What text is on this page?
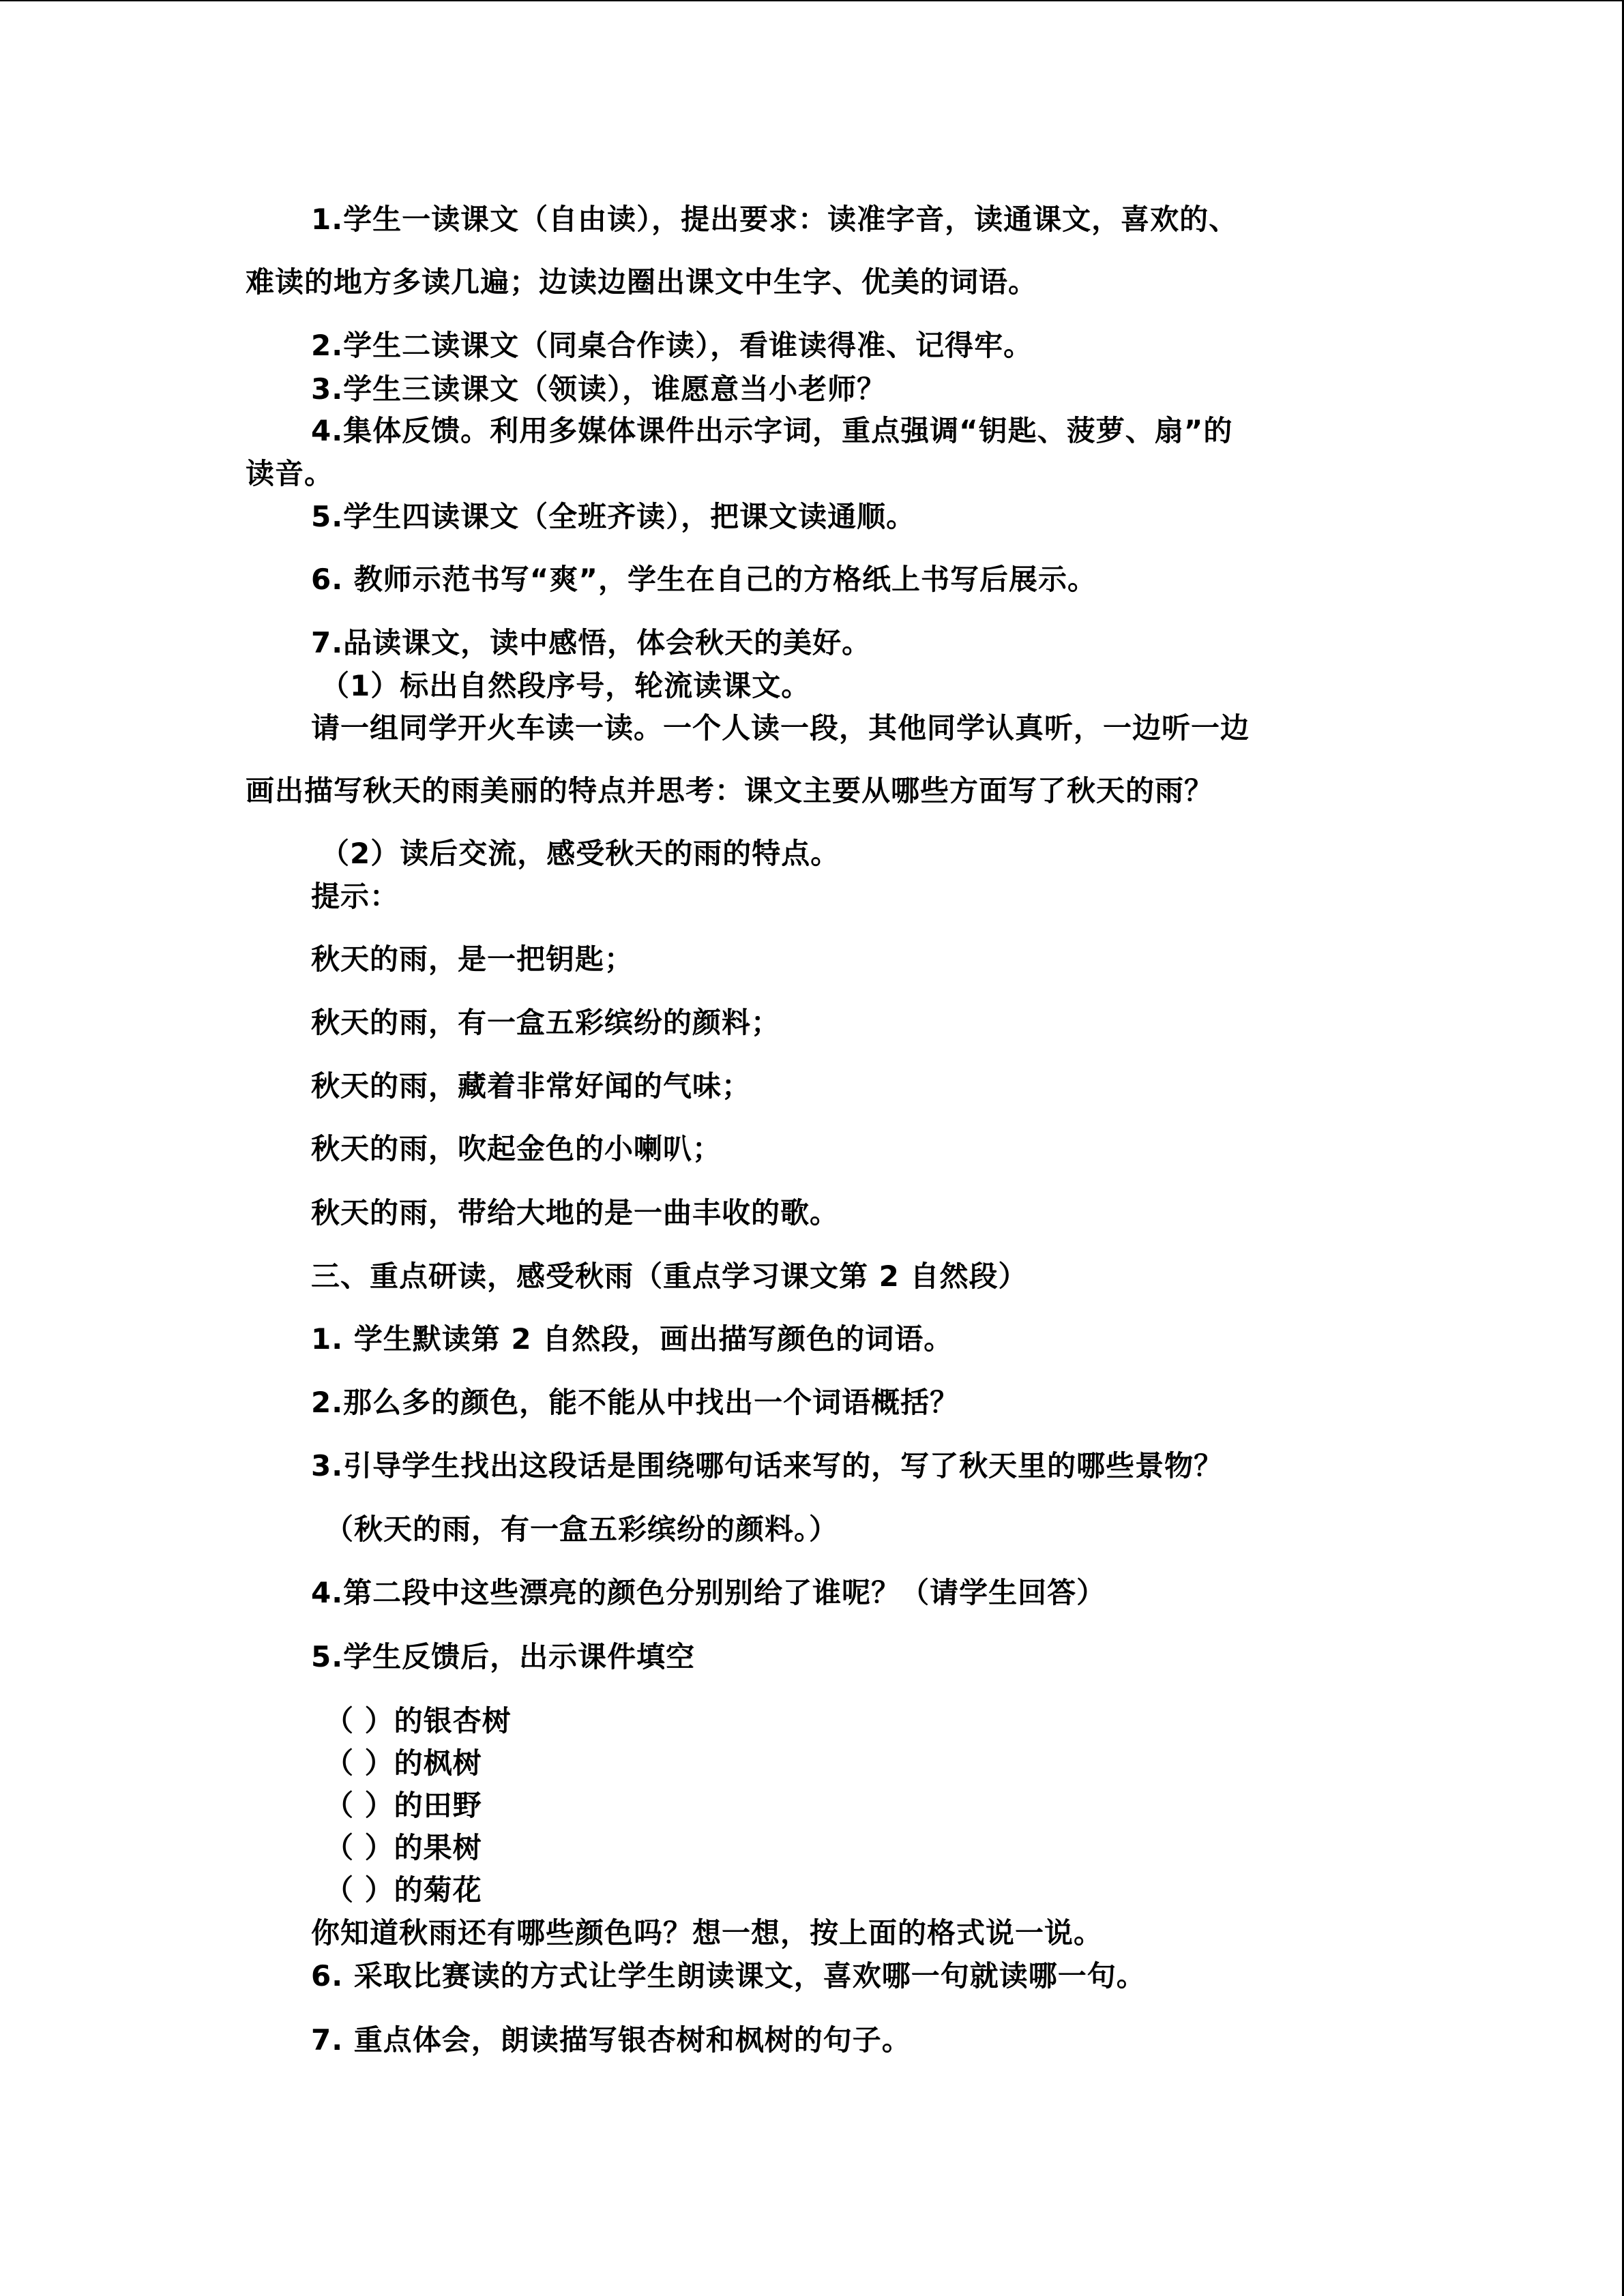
1.学生一读课文（自由读），提出要求：读准字音，读通课文，喜欢的、
难读的地方多读几遍；边读边圈出课文中生字、优美的词语。
2.学生二读课文（同桌合作读），看谁读得准、记得牢。
3.学生三读课文（领读），谁愿意当小老师？
4.集体反馈。利用多媒体课件出示字词，重点强调“钥匙、菠萝、扇”的
读音。
5.学生四读课文（全班齐读），把课文读通顺。
6. 教师示范书写“爽”，学生在自己的方格纸上书写后展示。
7.品读课文，读中感悟，体会秋天的美好。
（1）标出自然段序号，轮流读课文。
请一组同学开火车读一读。一个人读一段，其他同学认真听，一边听一边
画出描写秋天的雨美丽的特点并思考：课文主要从哪些方面写了秋天的雨？
（2）读后交流，感受秋天的雨的特点。
提示：
秋天的雨，是一把钥匙；
秋天的雨，有一盒五彩缤纷的颜料；
秋天的雨，藏着非常好闻的气味；
秋天的雨，吹起金色的小喇叭；
秋天的雨，带给大地的是一曲丰收的歌。
三、重点研读，感受秋雨（重点学习课文第 2 自然段）
1. 学生默读第 2 自然段，画出描写颜色的词语。
2.那么多的颜色，能不能从中找出一个词语概括？
3.引导学生找出这段话是围绕哪句话来写的，写了秋天里的哪些景物？
（秋天的雨，有一盒五彩缤纷的颜料。）
4.第二段中这些漂亮的颜色分别别给了谁呢？（请学生回答）
5.学生反馈后，出示课件填空
（ ）的银杏树
（ ）的枫树
（ ）的田野
（ ）的果树
（ ）的菊花
你知道秋雨还有哪些颜色吗？想一想，按上面的格式说一说。
6. 采取比赛读的方式让学生朗读课文，喜欢哪一句就读哪一句。
7. 重点体会，朗读描写银杏树和枫树的句子。
